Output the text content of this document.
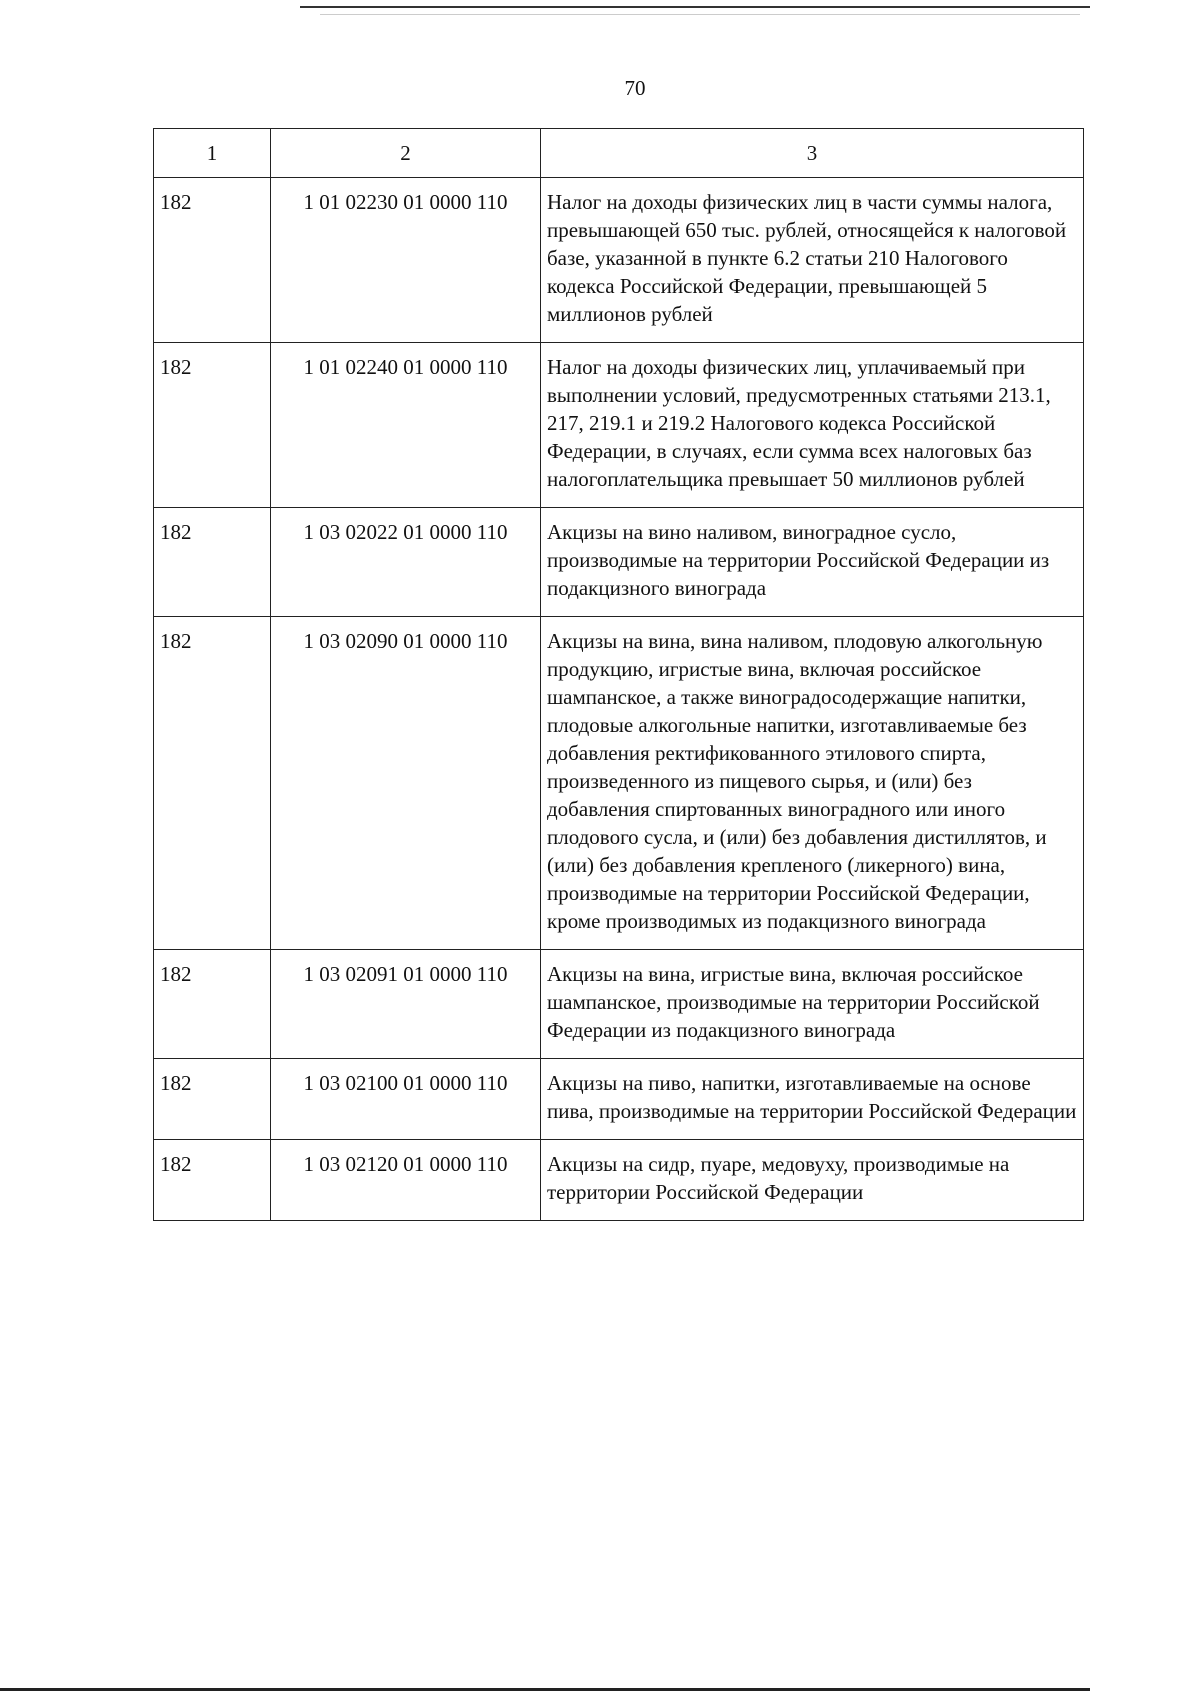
70
1	2	3
182	1 01 02230 01 0000 110	Налог на доходы физических лиц в части суммы налога, превышающей 650 тыс. рублей, относящейся к налоговой базе, указанной в пункте 6.2 статьи 210 Налогового кодекса Российской Федерации, превышающей 5 миллионов рублей
182	1 01 02240 01 0000 110	Налог на доходы физических лиц, уплачиваемый при выполнении условий, предусмотренных статьями 213.1, 217, 219.1 и 219.2 Налогового кодекса Российской Федерации, в случаях, если сумма всех налоговых баз налогоплательщика превышает 50 миллионов рублей
182	1 03 02022 01 0000 110	Акцизы на вино наливом, виноградное сусло, производимые на территории Российской Федерации из подакцизного винограда
182	1 03 02090 01 0000 110	Акцизы на вина, вина наливом, плодовую алкогольную продукцию, игристые вина, включая российское шампанское, а также виноградосодержащие напитки, плодовые алкогольные напитки, изготавливаемые без добавления ректификованного этилового спирта, произведенного из пищевого сырья, и (или) без добавления спиртованных виноградного или иного плодового сусла, и (или) без добавления дистиллятов, и (или) без добавления крепленого (ликерного) вина, производимые на территории Российской Федерации, кроме производимых из подакцизного винограда
182	1 03 02091 01 0000 110	Акцизы на вина, игристые вина, включая российское шампанское, производимые на территории Российской Федерации из подакцизного винограда
182	1 03 02100 01 0000 110	Акцизы на пиво, напитки, изготавливаемые на основе пива, производимые на территории Российской Федерации
182	1 03 02120 01 0000 110	Акцизы на сидр, пуаре, медовуху, производимые на территории Российской Федерации
